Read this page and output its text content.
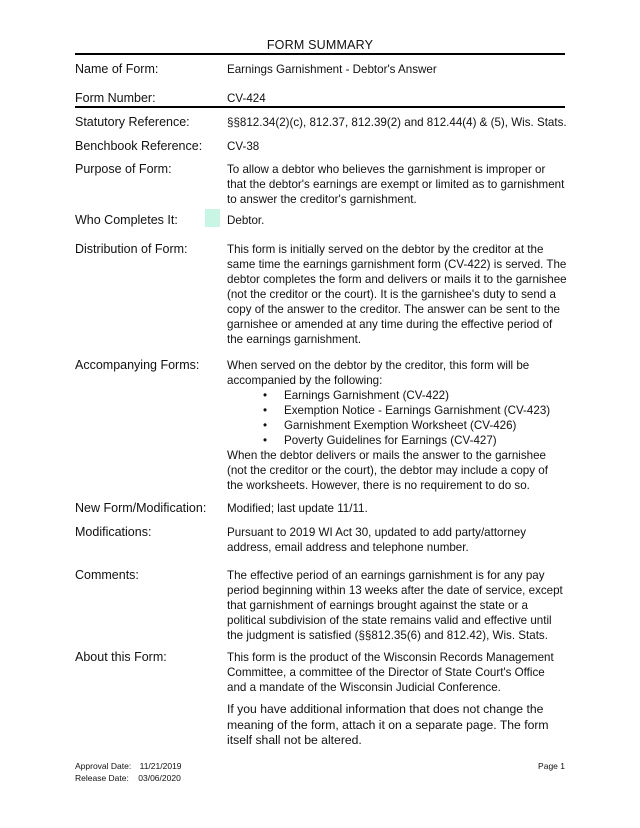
FORM SUMMARY
Name of Form:	Earnings Garnishment - Debtor's Answer
Form Number:	CV-424
Statutory Reference:	§§812.34(2)(c), 812.37, 812.39(2) and 812.44(4) & (5), Wis. Stats.
Benchbook Reference:	CV-38
Purpose of Form:	To allow a debtor who believes the garnishment is improper or that the debtor's earnings are exempt or limited as to garnishment to answer the creditor's garnishment.
Who Completes It:	Debtor.
Distribution of Form:	This form is initially served on the debtor by the creditor at the same time the earnings garnishment form (CV-422) is served. The debtor completes the form and delivers or mails it to the garnishee (not the creditor or the court). It is the garnishee's duty to send a copy of the answer to the creditor. The answer can be sent to the garnishee or amended at any time during the effective period of the earnings garnishment.
Accompanying Forms:	When served on the debtor by the creditor, this form will be accompanied by the following:

• Earnings Garnishment (CV-422)
• Exemption Notice - Earnings Garnishment (CV-423)
• Garnishment Exemption Worksheet (CV-426)
• Poverty Guidelines for Earnings (CV-427)

When the debtor delivers or mails the answer to the garnishee (not the creditor or the court), the debtor may include a copy of the worksheets. However, there is no requirement to do so.

New Form/Modification:	Modified; last update 11/11.
Modifications:	Pursuant to 2019 WI Act 30, updated to add party/attorney address, email address and telephone number.
Comments:	The effective period of an earnings garnishment is for any pay period beginning within 13 weeks after the date of service, except that garnishment of earnings brought against the state or a political subdivision of the state remains valid and effective until the judgment is satisfied (§§812.35(6) and 812.42), Wis. Stats.
About this Form:	This form is the product of the Wisconsin Records Management Committee, a committee of the Director of State Court's Office and a mandate of the Wisconsin Judicial Conference.
If you have additional information that does not change the meaning of the form, attach it on a separate page. The form itself shall not be altered.
Approval Date: 11/21/2019
Release Date: 03/06/2020
Page 1
